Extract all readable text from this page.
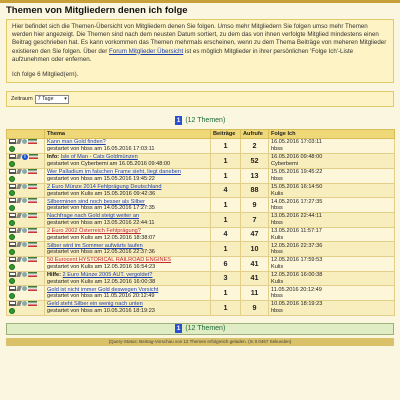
Themen von Mitgliedern denen ich folge

Hier befindet sich die Themen-Übersicht von Mitgliedern denen Sie folgen. Umso mehr Mitgliedern Sie folgen umso mehr Themen werden hier angezeigt. Die Themen sind nach dem neusten Datum sortiert, zu dem das von ihnen verfolgte Mitglied mindestens einen Beitrag geschrieben hat. Es kann vorkommen das Themen mehrmals erscheinen, wenn zu dem Thema Beiträge von meheren Mitglieder existieren den Sie folgen. Über der Forum Mitglieder Übersicht ist es möglich Mitglieder in ihrer persönlichen 'Folge Ich'-Liste aufzunehmen oder enfernen.

Ich folge 6 Mitglied(ern).

Zeitraum 7 Tage ▾
1 (12 Themen)
	Thema	Beiträge	Aufrufe	Folge Ich
	Kann man Gold finden?
gestartet von hbss am 16.05.2016 17:03:11	1	2	16.05.2016 17:03:11
hbss
i	Info: Isle of Man - Cats Goldmünzen
gestartet von Cyberbemi am 16.05.2016 09:48:00	1	52	16.05.2016 09:48:00
Cyberbemi
	Wer Palladium im falschen Frame sieht, liegt daneben
gestartet von hbss am 15.05.2016 19:45:22	1	13	15.05.2016 19:45:22
hbss
	2 Euro Münze 2014 Fehlprägung Deutschland
gestartet von Kulis am 15.05.2016 09:42:36	4	88	15.05.2016 16:14:50
Kulis
	Silberminen sind noch besser als Silber
gestartet von hbss am 14.05.2016 17:27:35	1	9	14.05.2016 17:27:35
hbss
	Nachfrage nach Gold steigt weiter an
gestartet von hbss am 13.05.2016 22:44:11	1	7	13.05.2016 22:44:11
hbss
	2 Euro 2002 Österreich Fehlprägung?
gestartet von Kulis am 12.05.2016 18:38:07	4	47	13.05.2016 11:57:17
Kulis
	Silber wird im Sommer aufwärts laufen
gestartet von hbss am 12.05.2016 22:37:36	1	10	12.05.2016 22:37:36
hbss
	50 Eurocent HYSTORICAL RAILROAD ENGINES
gestartet von Kulis am 12.05.2016 16:54:23	6	41	12.05.2016 17:59:53
Kulis
	Hilfe: 2 Euro Münze 2005 AUT. vergoldet?
gestartet von Kulis am 12.05.2016 16:00:38	3	41	12.05.2016 16:00:38
Kulis
	Gold ist nicht immer Gold deswegen Vorsicht
gestartet von hbss am 11.05.2016 20:12:49	1	11	11.05.2016 20:12:49
hbss
	Geld steht Silber ein wenig nach unten
gestartet von hbss am 10.05.2016 18:19:23	1	9	10.05.2016 18:19:23
hbss
1 (12 Themen)
(Query-Status: Beitrag-Vorschau von 12 Themen erfolgreich geladen. (In 0.0467 Sekunden)
